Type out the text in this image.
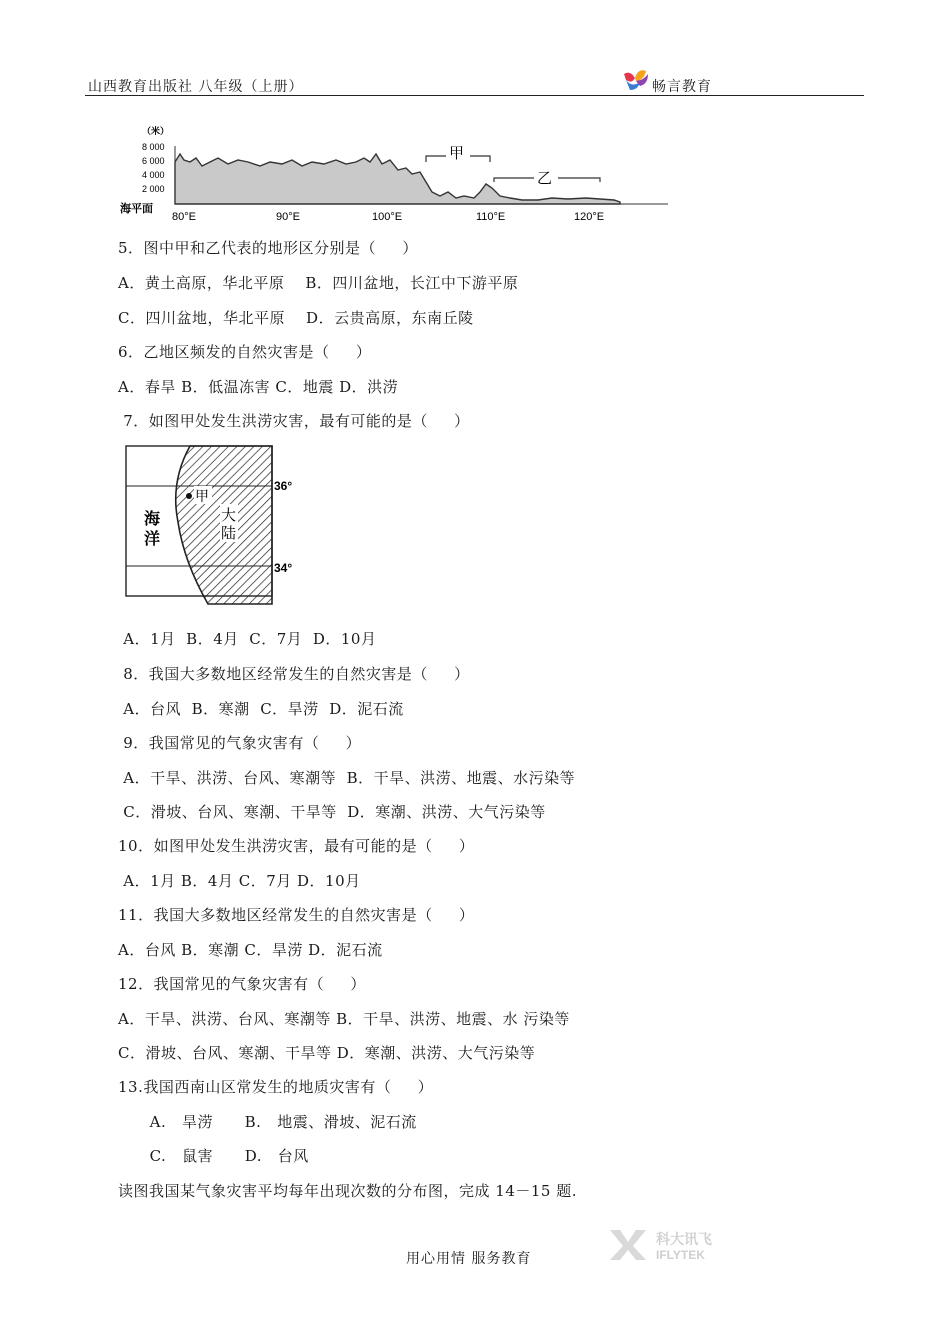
山西教育出版社 八年级（上册）	畅言教育
（米）
8 000
6 000
4 000
2 000
海平面
80°E	90°E	100°E	110°E	120°E
甲
乙
5．图中甲和乙代表的地形区分别是（     ）
A．黄土高原，华北平原    B．四川盆地，长江中下游平原
C．四川盆地，华北平原    D．云贵高原，东南丘陵
6．乙地区频发的自然灾害是（     ）
A．春旱 B．低温冻害 C．地震 D．洪涝
7．如图甲处发生洪涝灾害，最有可能的是（     ）
36°
34°
甲
海
洋
大
陆
A．1月  B．4月  C．7月  D．10月
8．我国大多数地区经常发生的自然灾害是（     ）
A．台风  B．寒潮  C．旱涝  D．泥石流
9．我国常见的气象灾害有（     ）
A．干旱、洪涝、台风、寒潮等  B．干旱、洪涝、地震、水污染等
C．滑坡、台风、寒潮、干旱等  D．寒潮、洪涝、大气污染等
10．如图甲处发生洪涝灾害，最有可能的是（     ）
A．1月 B．4月 C．7月 D．10月
11．我国大多数地区经常发生的自然灾害是（     ）
A．台风 B．寒潮 C．旱涝 D．泥石流
12．我国常见的气象灾害有（     ）
A．干旱、洪涝、台风、寒潮等 B．干旱、洪涝、地震、水 污染等
C．滑坡、台风、寒潮、干旱等 D．寒潮、洪涝、大气污染等
13.我国西南山区常发生的地质灾害有（     ）
A.   旱涝      B.   地震、滑坡、泥石流
C.   鼠害      D.   台风
读图我国某气象灾害平均每年出现次数的分布图，完成 14－15 题.
用心用情 服务教育
科大讯飞
IFLYTEK
